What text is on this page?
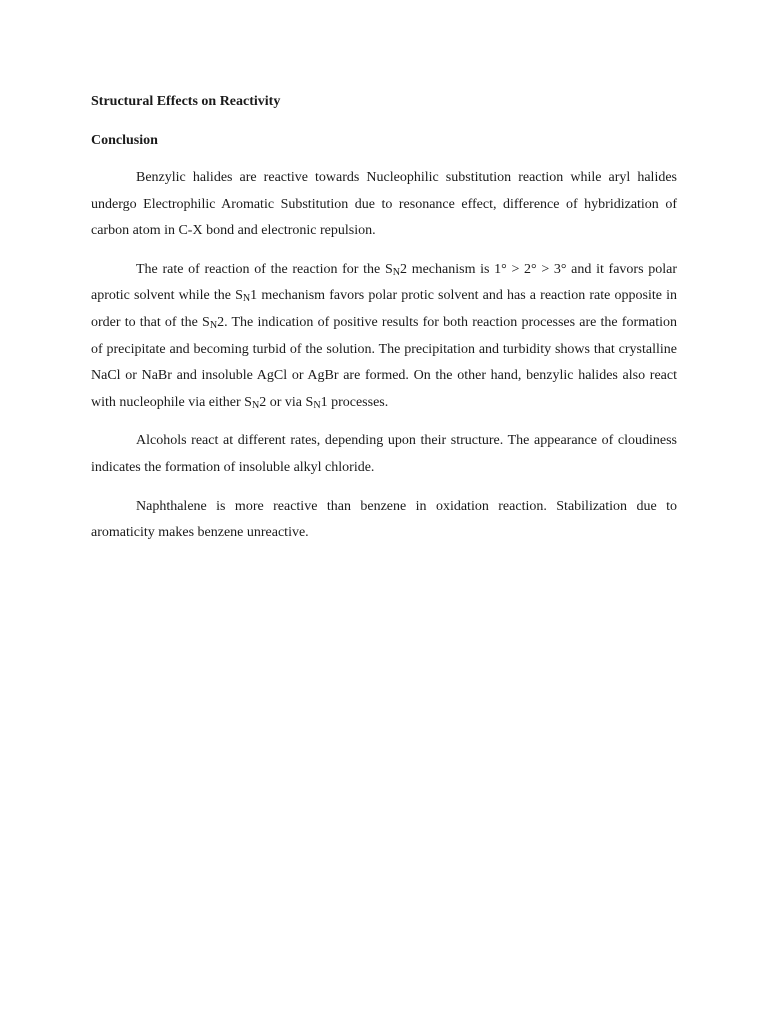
Structural Effects on Reactivity
Conclusion

Benzylic halides are reactive towards Nucleophilic substitution reaction while aryl halides undergo Electrophilic Aromatic Substitution due to resonance effect, difference of hybridization of carbon atom in C-X bond and electronic repulsion.

The rate of reaction of the reaction for the SN2 mechanism is 1° > 2° > 3° and it favors polar aprotic solvent while the SN1 mechanism favors polar protic solvent and has a reaction rate opposite in order to that of the SN2. The indication of positive results for both reaction processes are the formation of precipitate and becoming turbid of the solution. The precipitation and turbidity shows that crystalline NaCl or NaBr and insoluble AgCl or AgBr are formed. On the other hand, benzylic halides also react with nucleophile via either SN2 or via SN1 processes.

Alcohols react at different rates, depending upon their structure. The appearance of cloudiness indicates the formation of insoluble alkyl chloride.

Naphthalene is more reactive than benzene in oxidation reaction. Stabilization due to aromaticity makes benzene unreactive.
